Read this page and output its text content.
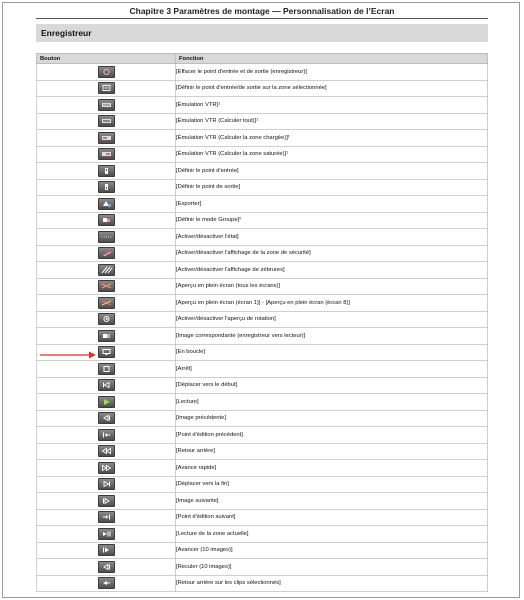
Chapitre 3 Paramètres de montage — Personnalisation de l’Ecran
Enregistreur
Bouton	Fonction

	[Effacer le point d'entrée et de sortie (enregistreur)]

	[Définir le point d'entrée/de sortie sur la zone sélectionnée]

	[Émulation VTR]¹

	[Émulation VTR (Calculer tout)]¹

	[Émulation VTR (Calculer la zone chargée)]¹

	[Émulation VTR (Calculer la zone saturée)]¹

	[Définir le point d'entrée]

	[Définir le point de sortie]

	[Exporter]

	[Définir le mode Groupe]²

	[Activer/désactiver l'état]

	[Activer/désactiver l'affichage de la zone de sécurité]

	[Activer/désactiver l'affichage de zébrures]

	[Aperçu en plein écran (tous les écrans)]

	[Aperçu en plein écran (écran 1)] - [Aperçu en plein écran (écran 8)]

	[Activer/désactiver l'aperçu de rotation]

	[Image correspondante (enregistreur vers lecteur)]

	[En boucle]

	[Arrêt]

	[Déplacer vers le début]

	[Lecture]

	[Image précédente]

	[Point d'édition précédent]

	[Retour arrière]

	[Avance rapide]

	[Déplacer vers la fin]

	[Image suivante]

	[Point d'édition suivant]

	[Lecture de la zone actuelle]

	[Avancer (10 images)]

	[Reculer (10 images)]

	[Retour arrière sur les clips sélectionnés]
